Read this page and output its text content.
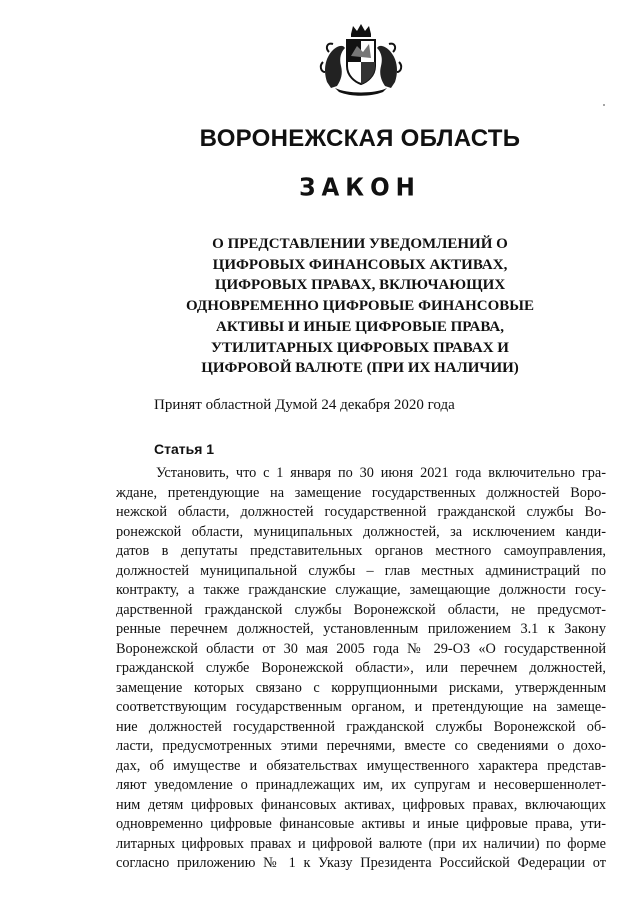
ВОРОНЕЖСКАЯ ОБЛАСТЬ
ЗАКОН
О ПРЕДСТАВЛЕНИИ УВЕДОМЛЕНИЙ О
ЦИФРОВЫХ ФИНАНСОВЫХ АКТИВАХ,
ЦИФРОВЫХ ПРАВАХ, ВКЛЮЧАЮЩИХ
ОДНОВРЕМЕННО ЦИФРОВЫЕ ФИНАНСОВЫЕ
АКТИВЫ И ИНЫЕ ЦИФРОВЫЕ ПРАВА,
УТИЛИТАРНЫХ ЦИФРОВЫХ ПРАВАХ И
ЦИФРОВОЙ ВАЛЮТЕ (ПРИ ИХ НАЛИЧИИ)
Принят областной Думой 24 декабря 2020 года
Статья 1
Установить, что с 1 января по 30 июня 2021 года включительно гра-
ждане, претендующие на замещение государственных должностей Воро-
нежской области, должностей государственной гражданской службы Во-
ронежской области, муниципальных должностей, за исключением канди-
датов в депутаты представительных органов местного самоуправления,
должностей муниципальной службы – глав местных администраций по
контракту, а также гражданские служащие, замещающие должности госу-
дарственной гражданской службы Воронежской области, не предусмот-
ренные перечнем должностей, установленным приложением 3.1 к Закону
Воронежской области от 30 мая 2005 года № 29-ОЗ «О государственной
гражданской службе Воронежской области», или перечнем должностей,
замещение которых связано с коррупционными рисками, утвержденным
соответствующим государственным органом, и претендующие на замеще-
ние должностей государственной гражданской службы Воронежской об-
ласти, предусмотренных этими перечнями, вместе со сведениями о дохо-
дах, об имуществе и обязательствах имущественного характера представ-
ляют уведомление о принадлежащих им, их супругам и несовершеннолет-
ним детям цифровых финансовых активах, цифровых правах, включающих
одновременно цифровые финансовые активы и иные цифровые права, ути-
литарных цифровых правах и цифровой валюте (при их наличии) по форме
согласно приложению № 1 к Указу Президента Российской Федерации от
